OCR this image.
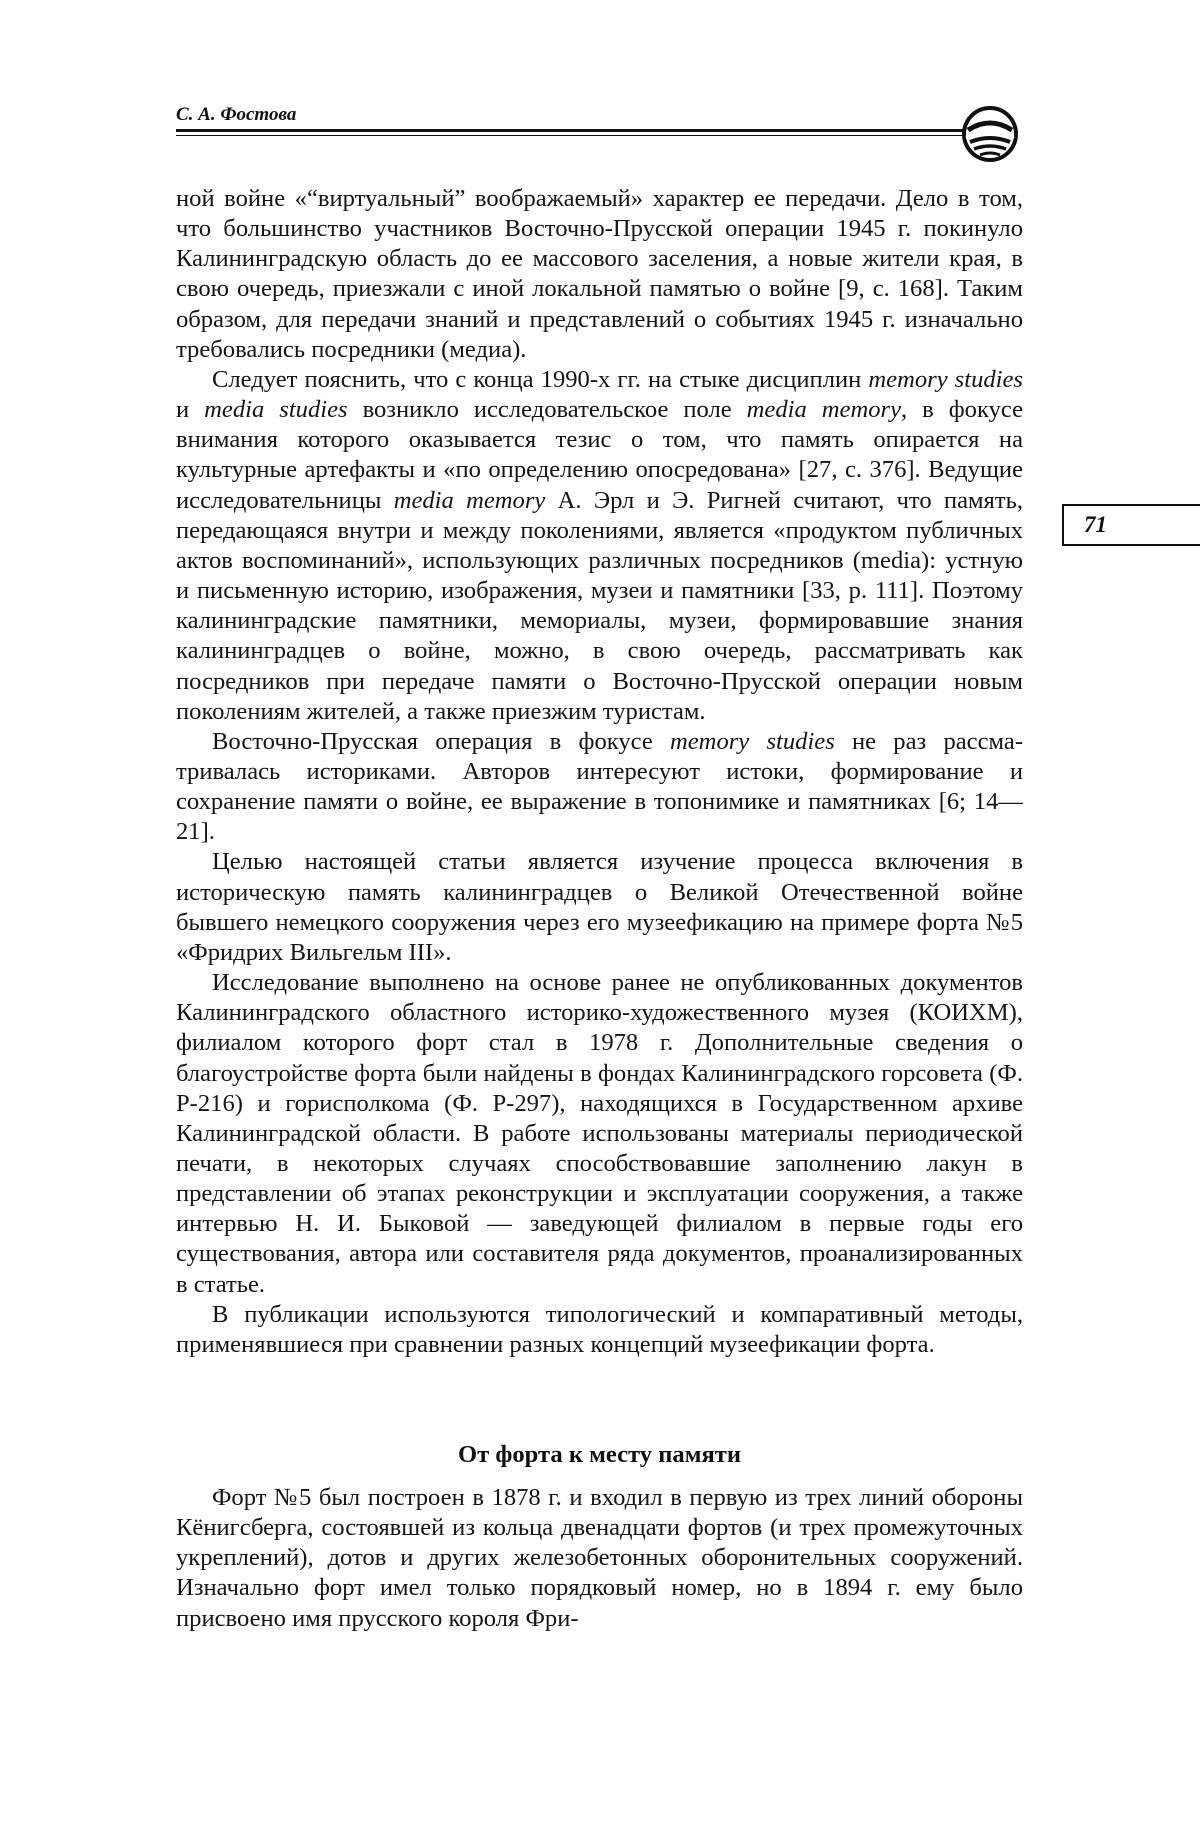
С. А. Фостова
71

ной войне «“виртуальный” воображаемый» характер ее передачи. Дело в том, что большинство участников Восточно-Прусской операции 1945 г. покинуло Калининградскую область до ее массового заселения, а новые жители края, в свою очередь, приезжали с иной локальной памятью о войне [9, с. 168]. Таким образом, для передачи знаний и представлений о событиях 1945 г. изначально требовались посредники (медиа).

Следует пояснить, что с конца 1990-х гг. на стыке дисциплин memory studies и media studies возникло исследовательское поле media memory, в фокусе внимания которого оказывается тезис о том, что память опирается на культурные артефакты и «по определению опосредована» [27, с. 376]. Ведущие исследовательницы media memory А. Эрл и Э. Ригней считают, что память, передающаяся внутри и между поколениями, является «продуктом публичных актов воспоминаний», использующих различных посредников (media): устную и письменную историю, изображения, музеи и памятники [33, p. 111]. Поэтому калининградские памятники, мемориалы, музеи, формировавшие знания калининградцев о войне, можно, в свою очередь, рассматривать как посредников при передаче памяти о Восточно-Прусской операции новым поколениям жителей, а также приезжим туристам.

Восточно-Прусская операция в фокусе memory studies не раз рассматривалась историками. Авторов интересуют истоки, формирование и сохранение памяти о войне, ее выражение в топонимике и памятниках [6; 14—21].

Целью настоящей статьи является изучение процесса включения в историческую память калининградцев о Великой Отечественной войне бывшего немецкого сооружения через его музеефикацию на примере форта №5 «Фридрих Вильгельм III».

Исследование выполнено на основе ранее не опубликованных документов Калининградского областного историко-художественного музея (КОИХМ), филиалом которого форт стал в 1978 г. Дополнительные сведения о благоустройстве форта были найдены в фондах Калининградского горсовета (Ф. Р-216) и горисполкома (Ф. Р-297), находящихся в Государственном архиве Калининградской области. В работе использованы материалы периодической печати, в некоторых случаях способствовавшие заполнению лакун в представлении об этапах реконструкции и эксплуатации сооружения, а также интервью Н. И. Быковой — заведующей филиалом в первые годы его существования, автора или составителя ряда документов, проанализированных в статье.

В публикации используются типологический и компаративный методы, применявшиеся при сравнении разных концепций музеефикации форта.

От форта к месту памяти

Форт №5 был построен в 1878 г. и входил в первую из трех линий обороны Кёнигсберга, состоявшей из кольца двенадцати фортов (и трех промежуточных укреплений), дотов и других железобетонных оборонительных сооружений. Изначально форт имел только порядковый номер, но в 1894 г. ему было присвоено имя прусского короля Фри-
